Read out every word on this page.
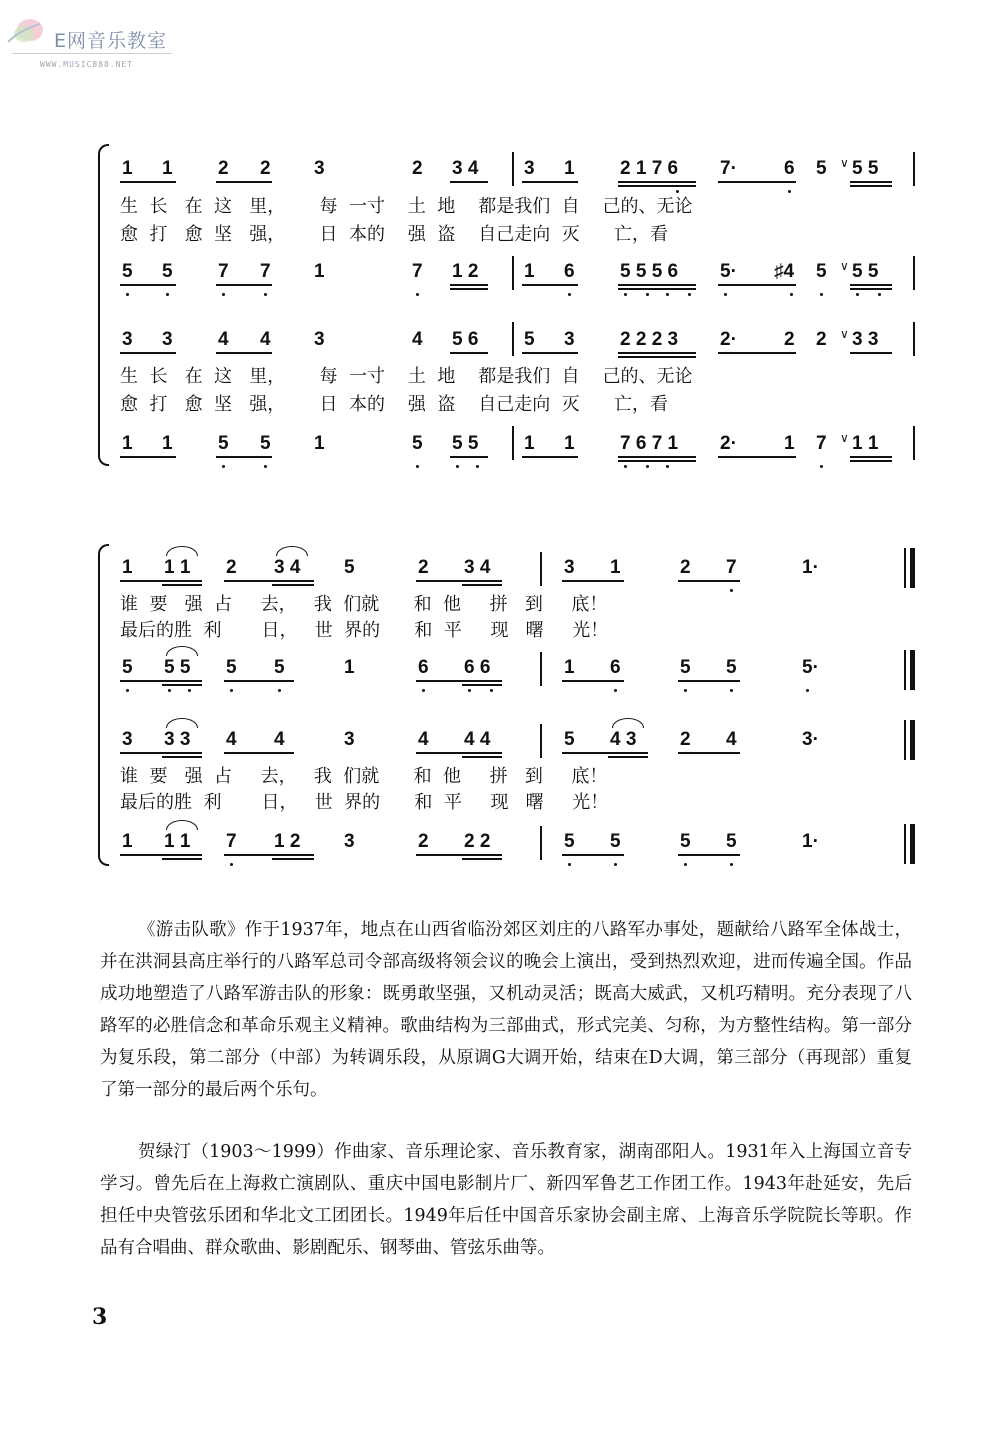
E网音乐教室
WWW.MUSIC888.NET
1 1 2 2 3	2 3 4 3 1 2 1 7 6 7· 6 5 5 5
∨
生  长   在  这   里，      每  一寸    土  地    都是我们  自    己的、无论
愈  打   愈  坚   强，      日  本的    强  盗    自己走向  灭      亡，看
5 5 7 7 1	7 1 2 1 6 5 5 5 6 5· ♯4 5 5 5
∨
3 3 4 4 3	4 5 6 5 3 2 2 2 3 2· 2 2 3 3
∨
生  长   在  这   里，      每  一寸    土  地    都是我们  自    己的、无论
愈  打   愈  坚   强，      日  本的    强  盗    自己走向  灭      亡，看
1 1 5 5 1	5 5 5 1 1 7 6 7 1 2· 1 7 1 1
∨
1 1 1 2 3 4 5	2 3 4	3 1	2 7	1·
谁  要   强  占     去，   我  们就      和  他     拼   到     底！
最后的胜  利       日，   世  界的      和  平     现   曙     光！
5 5 5 5 5	1	6 6 6	1 6	5 5	5·
3 3 3 4 4	3	4 4 4	5 4 3 2 4	3·
谁  要   强  占     去，   我  们就      和  他     拼   到     底！
最后的胜  利       日，   世  界的      和  平     现   曙     光！
1 1 1 7 1 2 3	2 2 2	5 5	5 5	1·

《游击队歌》作于1937年，地点在山西省临汾郊区刘庄的八路军办事处，题献给八路军全体战士，并在洪洞县高庄举行的八路军总司令部高级将领会议的晚会上演出，受到热烈欢迎，进而传遍全国。作品成功地塑造了八路军游击队的形象：既勇敢坚强，又机动灵活；既高大威武，又机巧精明。充分表现了八路军的必胜信念和革命乐观主义精神。歌曲结构为三部曲式，形式完美、匀称，为方整性结构。第一部分为复乐段，第二部分（中部）为转调乐段，从原调G大调开始，结束在D大调，第三部分（再现部）重复了第一部分的最后两个乐句。

贺绿汀（1903～1999）作曲家、音乐理论家、音乐教育家，湖南邵阳人。1931年入上海国立音专学习。曾先后在上海救亡演剧队、重庆中国电影制片厂、新四军鲁艺工作团工作。1943年赴延安，先后担任中央管弦乐团和华北文工团团长。1949年后任中国音乐家协会副主席、上海音乐学院院长等职。作品有合唱曲、群众歌曲、影剧配乐、钢琴曲、管弦乐曲等。

3
